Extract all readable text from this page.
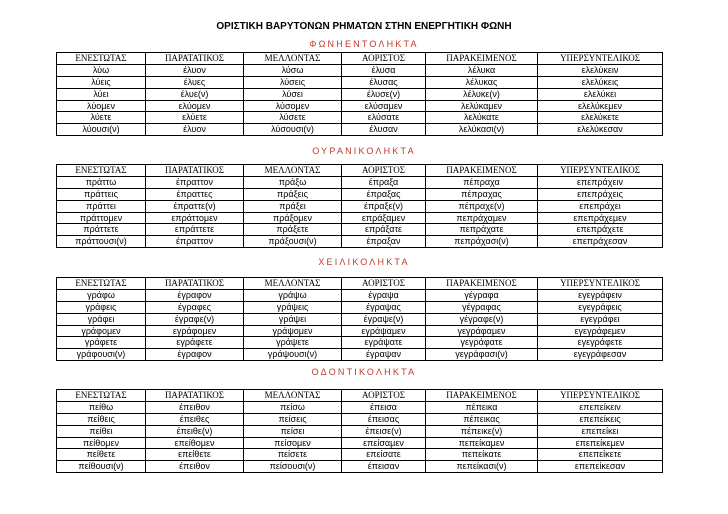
ΟΡΙΣΤΙΚΗ ΒΑΡΥΤΟΝΩΝ ΡΗΜΑΤΩΝ ΣΤΗΝ ΕΝΕΡΓΗΤΙΚΗ ΦΩΝΗ
ΦΩΝΗΕΝΤΟΛΗΚΤΑ
ΕΝΕΣΤΩΤΑΣ	ΠΑΡΑΤΑΤΙΚΟΣ	ΜΕΛΛΟΝΤΑΣ	ΑΟΡΙΣΤΟΣ	ΠΑΡΑΚΕΙΜΕΝΟΣ	ΥΠΕΡΣΥΝΤΕΛΙΚΟΣ
λύω	έλυον	λύσω	έλυσα	λέλυκα	ελελύκειν
λύεις	έλυες	λύσεις	έλυσας	λέλυκας	ελελύκεις
λύει	έλυε(ν)	λύσει	έλυσε(ν)	λέλυκε(ν)	ελελύκει
λύομεν	ελύομεν	λύσομεν	ελύσαμεν	λελύκαμεν	ελελύκεμεν
λύετε	ελύετε	λύσετε	ελύσατε	λελύκατε	ελελύκετε
λύουσι(ν)	έλυον	λύσουσι(ν)	έλυσαν	λελύκασι(ν)	ελελύκεσαν
ΟΥΡΑΝΙΚΟΛΗΚΤΑ
ΕΝΕΣΤΩΤΑΣ	ΠΑΡΑΤΑΤΙΚΟΣ	ΜΕΛΛΟΝΤΑΣ	ΑΟΡΙΣΤΟΣ	ΠΑΡΑΚΕΙΜΕΝΟΣ	ΥΠΕΡΣΥΝΤΕΛΙΚΟΣ
πράττω	έπραττον	πράξω	έπραξα	πέπραχα	επεπράχειν
πράττεις	έπραττες	πράξεις	έπραξας	πέπραχας	επεπράχεις
πράττει	έπραττε(ν)	πράξει	έπραξε(ν)	πέπραχε(ν)	επεπράχει
πράττομεν	επράττομεν	πράξομεν	επράξαμεν	πεπράχαμεν	επεπράχεμεν
πράττετε	επράττετε	πράξετε	επράξατε	πεπράχατε	επεπράχετε
πράττουσι(ν)	έπραττον	πράξουσι(ν)	έπραξαν	πεπράχασι(ν)	επεπράχεσαν
ΧΕΙΛΙΚΟΛΗΚΤΑ
ΕΝΕΣΤΩΤΑΣ	ΠΑΡΑΤΑΤΙΚΟΣ	ΜΕΛΛΟΝΤΑΣ	ΑΟΡΙΣΤΟΣ	ΠΑΡΑΚΕΙΜΕΝΟΣ	ΥΠΕΡΣΥΝΤΕΛΙΚΟΣ
γράφω	έγραφον	γράψω	έγραψα	γέγραφα	εγεγράφειν
γράφεις	έγραφες	γράψεις	έγραψας	γέγραφας	εγεγράφεις
γράφει	έγραφε(ν)	γράψει	έγραψε(ν)	γέγραφε(ν)	εγεγράφει
γράφομεν	εγράφομεν	γράψομεν	εγράψαμεν	γεγράφαμεν	εγεγράφεμεν
γράφετε	εγράφετε	γράψετε	εγράψατε	γεγράφατε	εγεγράφετε
γράφουσι(ν)	έγραφον	γράψουσι(ν)	έγραψαν	γεγράφασι(ν)	εγεγράφεσαν
ΟΔΟΝΤΙΚΟΛΗΚΤΑ
ΕΝΕΣΤΩΤΑΣ	ΠΑΡΑΤΑΤΙΚΟΣ	ΜΕΛΛΟΝΤΑΣ	ΑΟΡΙΣΤΟΣ	ΠΑΡΑΚΕΙΜΕΝΟΣ	ΥΠΕΡΣΥΝΤΕΛΙΚΟΣ
πείθω	έπειθον	πείσω	έπεισα	πέπεικα	επεπείκειν
πείθεις	έπειθες	πείσεις	έπεισας	πέπεικας	επεπείκεις
πείθει	έπειθε(ν)	πείσει	έπεισε(ν)	πέπεικε(ν)	επεπείκει
πείθομεν	επείθομεν	πείσομεν	επείσαμεν	πεπείκαμεν	επεπείκεμεν
πείθετε	επείθετε	πείσετε	επείσατε	πεπείκατε	επεπείκετε
πείθουσι(ν)	έπειθον	πείσουσι(ν)	έπεισαν	πεπείκασι(ν)	επεπείκεσαν
